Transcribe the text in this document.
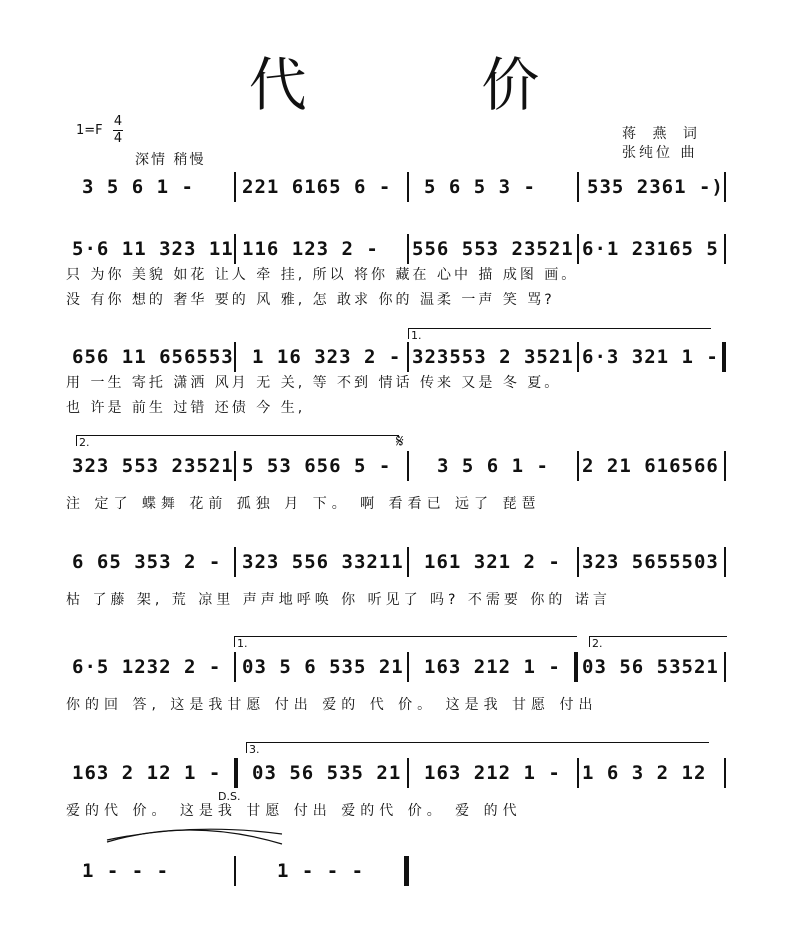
代 价
1=F
4
4
深情 稍慢
蒋 燕 词
张纯位 曲
3 5 6 1 -	221 6165 6 - 5 6 5 3 -	535 2361 -)
5·6 11 323 11 116 123 2 - 556 553 23521 6·1 23165 5
只 为你 美貌 如花 让人 牵 挂, 所以 将你 藏在 心中 描 成图 画。
没 有你 想的 奢华 要的 风 雅, 怎 敢求 你的 温柔 一声 笑 骂?
1.
656 11 656553 1 16 323 2 - 323553 2 3521 6·3 321 1 -
用 一生 寄托 潇洒 风月 无 关, 等 不到 情话 传来 又是 冬 夏。
也 许是 前生 过错 还债 今 生,
2.	𝄋
323 553 23521 5 53 656 5 - 3 5 6 1 - 2 21 616566
注 定了 蝶舞 花前 孤独 月 下。 啊 看看已 远了 琵琶
6 65 353 2 - 323 556 33211 161 321 2 - 323 5655503
枯 了藤 架, 荒 凉里 声声地呼唤 你 听见了 吗? 不需要 你的 诺言
1.	2.
6·5 1232 2 - 03 5 6 535 21 163 212 1 - 03 56 53521
你的回 答, 这是我甘愿 付出 爱的 代 价。 这是我 甘愿 付出
3.
D.S.
163 2 12 1 - 03 56 535 21 163 212 1 - 1 6 3 2 12
爱的代 价。 这是我 甘愿 付出 爱的代 价。 爱 的代
1 - - -	1 - - -
